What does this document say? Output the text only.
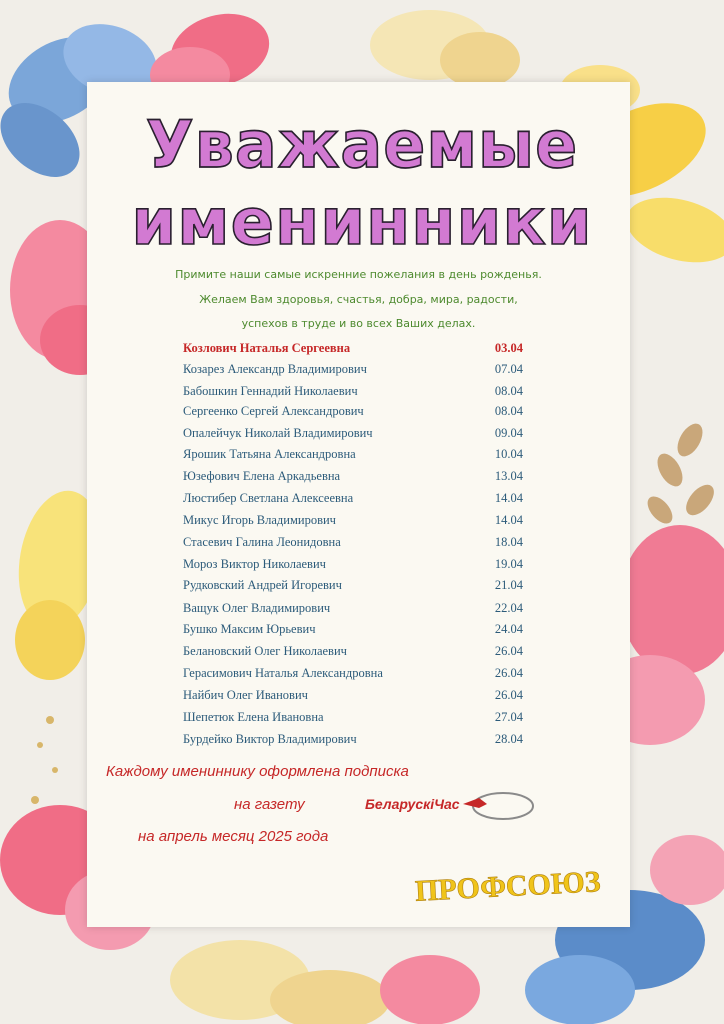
Уважаемые
именинники
Примите наши самые искренние пожелания в день рожденья.
Желаем Вам здоровья, счастья, добра, мира, радости,
успехов в труде и во всех Ваших делах.
Козлович Наталья Сергеевна	03.04
Козарез Александр Владимирович	07.04
Бабошкин Геннадий Николаевич	08.04
Сергеенко Сергей Александрович	08.04
Опалейчук Николай Владимирович	09.04
Ярошик Татьяна Александровна	10.04
Юзефович Елена Аркадьевна	13.04
Люстибер Светлана Алексеевна	14.04
Микус Игорь Владимирович	14.04
Стасевич Галина Леонидовна	18.04
Мороз Виктор Николаевич	19.04
Рудковский Андрей Игоревич	21.04
Ващук Олег Владимирович	22.04
Бушко Максим Юрьевич	24.04
Белановский Олег Николаевич	26.04
Герасимович Наталья Александровна	26.04
Найбич Олег Иванович	26.04
Шепетюк Елена Ивановна	27.04
Бурдейко Виктор Владимирович	28.04
Каждому имениннику оформлена подписка
на газету
на апрель месяц 2025 года
БеларускіЧас
ПРОФСОЮЗ
